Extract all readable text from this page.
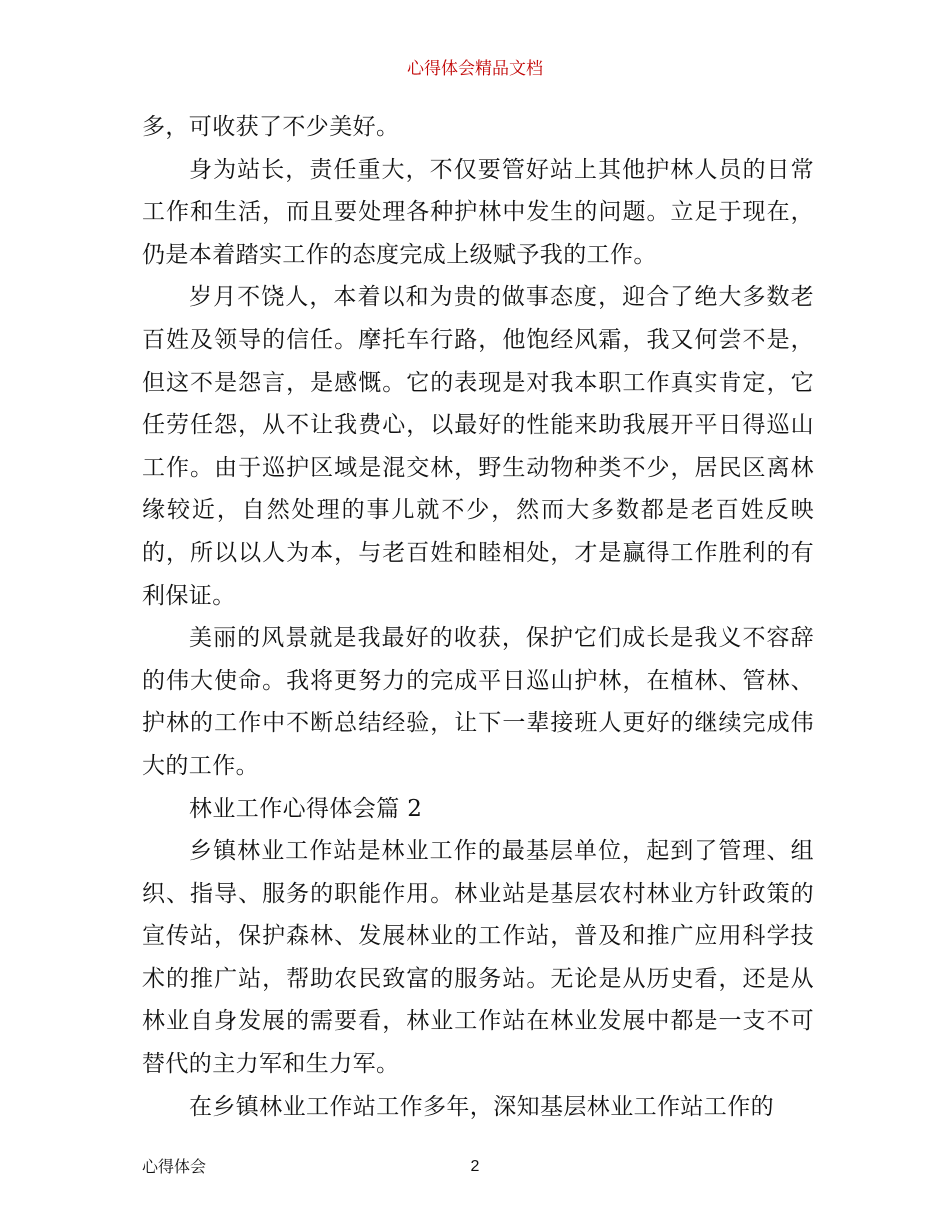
心得体会精品文档

多，可收获了不少美好。

身为站长，责任重大，不仅要管好站上其他护林人员的日常工作和生活，而且要处理各种护林中发生的问题。立足于现在，仍是本着踏实工作的态度完成上级赋予我的工作。

岁月不饶人，本着以和为贵的做事态度，迎合了绝大多数老百姓及领导的信任。摩托车行路，他饱经风霜，我又何尝不是，但这不是怨言，是感慨。它的表现是对我本职工作真实肯定，它任劳任怨，从不让我费心，以最好的性能来助我展开平日得巡山工作。由于巡护区域是混交林，野生动物种类不少，居民区离林缘较近，自然处理的事儿就不少，然而大多数都是老百姓反映的，所以以人为本，与老百姓和睦相处，才是赢得工作胜利的有利保证。

美丽的风景就是我最好的收获，保护它们成长是我义不容辞的伟大使命。我将更努力的完成平日巡山护林，在植林、管林、护林的工作中不断总结经验，让下一辈接班人更好的继续完成伟大的工作。

林业工作心得体会篇 2

乡镇林业工作站是林业工作的最基层单位，起到了管理、组织、指导、服务的职能作用。林业站是基层农村林业方针政策的宣传站，保护森林、发展林业的工作站，普及和推广应用科学技术的推广站，帮助农民致富的服务站。无论是从历史看，还是从林业自身发展的需要看，林业工作站在林业发展中都是一支不可替代的主力军和生力军。

在乡镇林业工作站工作多年，深知基层林业工作站工作的

心得体会	2
